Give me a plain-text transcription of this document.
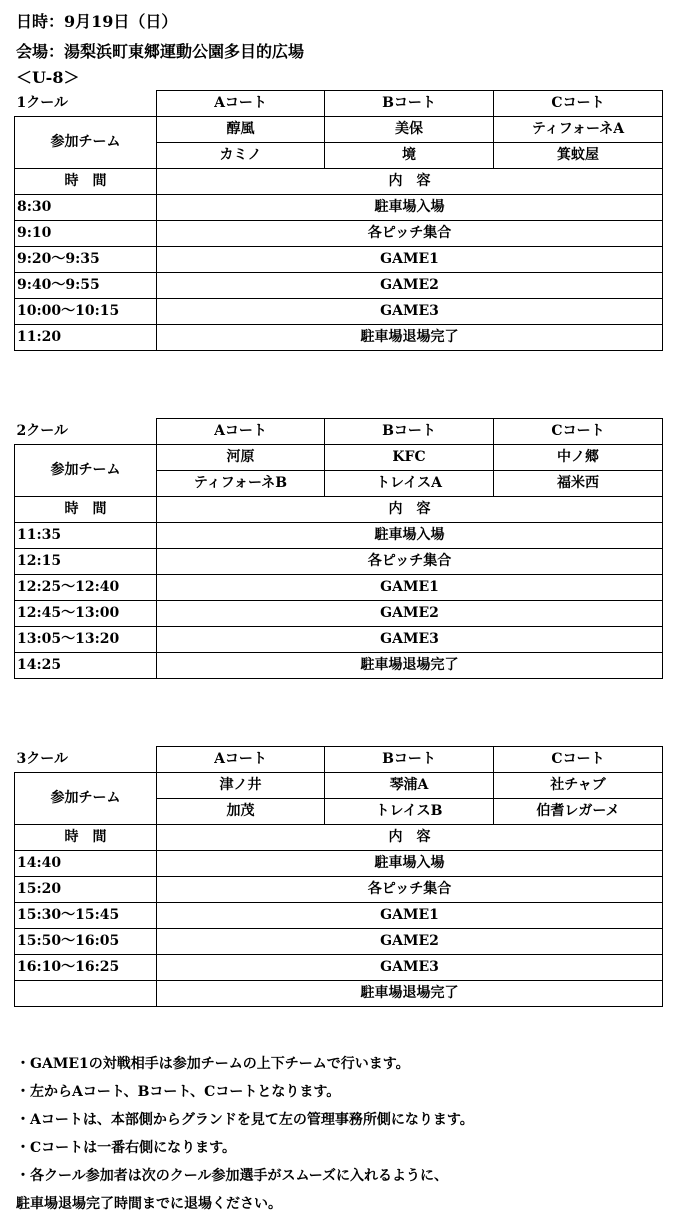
日時：9月19日（日）
会場：湯梨浜町東郷運動公園多目的広場
＜U-8＞
1クール	Aコート	Bコート	Cコート
参加チーム	醇風	美保	ティフォーネA
	カミノ	境	箕蚊屋
時　間	内　容		
8:30	駐車場入場		
9:10	各ピッチ集合		
9:20〜9:35	GAME1		
9:40〜9:55	GAME2		
10:00〜10:15	GAME3		
11:20	駐車場退場完了		
2クール	Aコート	Bコート	Cコート
参加チーム	河原	KFC	中ノ郷
	ティフォーネB	トレイスA	福米西
時　間	内　容		
11:35	駐車場入場		
12:15	各ピッチ集合		
12:25〜12:40	GAME1		
12:45〜13:00	GAME2		
13:05〜13:20	GAME3		
14:25	駐車場退場完了		
3クール	Aコート	Bコート	Cコート
参加チーム	津ノ井	琴浦A	社チャブ
	加茂	トレイスB	伯耆レガーメ
時　間	内　容		
14:40	駐車場入場		
15:20	各ピッチ集合		
15:30〜15:45	GAME1		
15:50〜16:05	GAME2		
16:10〜16:25	GAME3		
	駐車場退場完了		
・GAME1の対戦相手は参加チームの上下チームで行います。
・左からAコート、Bコート、Cコートとなります。
・Aコートは、本部側からグランドを見て左の管理事務所側になります。
・Cコートは一番右側になります。
・各クール参加者は次のクール参加選手がスムーズに入れるように、
駐車場退場完了時間までに退場ください。
